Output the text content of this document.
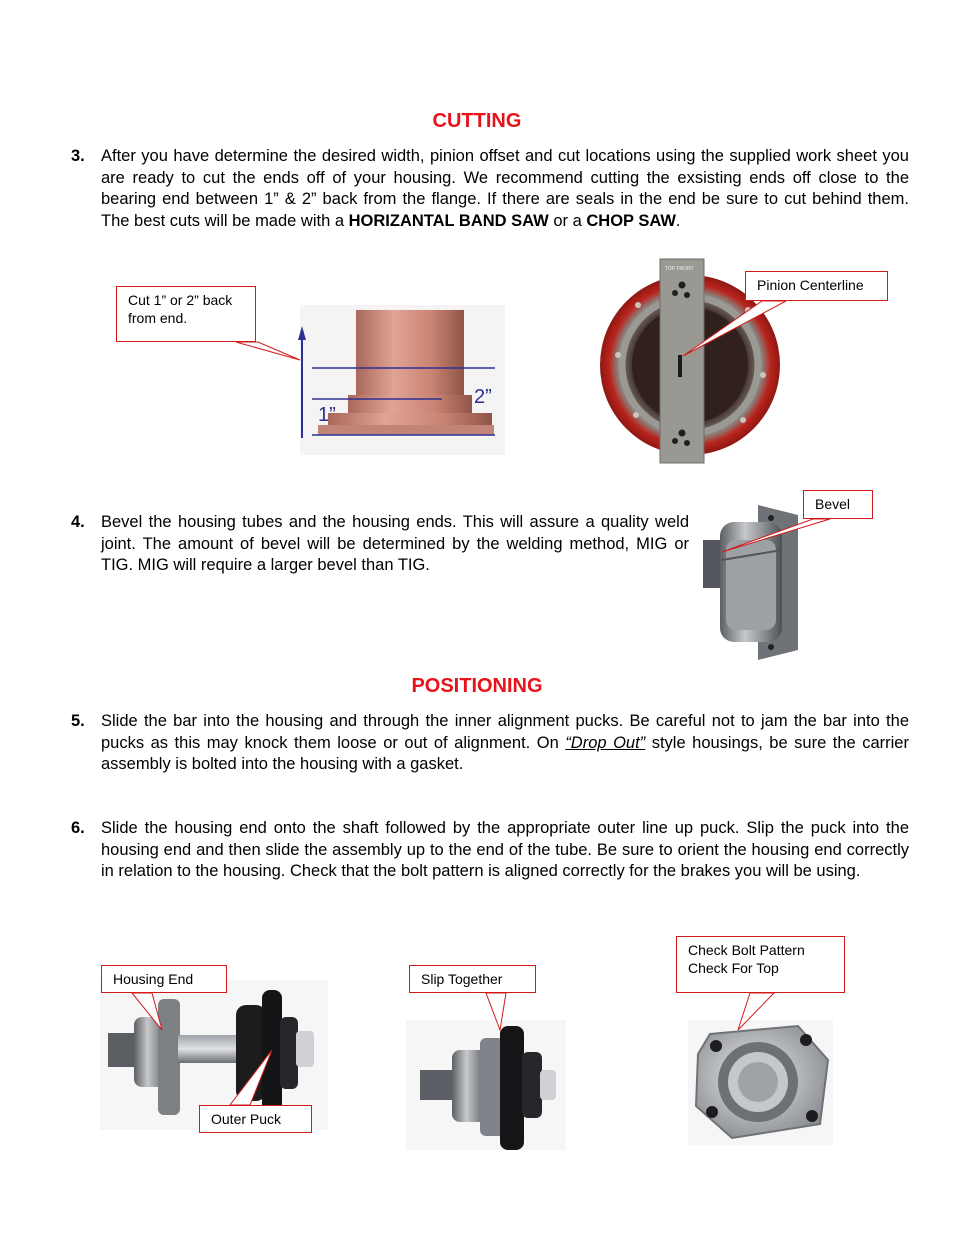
CUTTING
3. After you have determine the desired width, pinion offset and cut locations using the supplied work sheet you are ready to cut the ends off of your housing. We recommend cutting the exsisting ends off close to the bearing end between 1” & 2” back from the flange. If there are seals in the end be sure to cut behind them. The best cuts will be made with a HORIZANTAL BAND SAW or a CHOP SAW.
1”
2”
Cut 1” or 2” back
from end.
TOP FRONT
Pinion Centerline
4. Bevel the housing tubes and the housing ends. This will assure a quality weld joint. The amount of bevel will be determined by the welding method, MIG or TIG. MIG will require a larger bevel than TIG.
Bevel
POSITIONING
5. Slide the bar into the housing and through the inner alignment pucks. Be careful not to jam the bar into the pucks as this may knock them loose or out of alignment. On “Drop Out” style housings, be sure the carrier assembly is bolted into the housing with a gasket.
6. Slide the housing end onto the shaft followed by the appropriate outer line up puck. Slip the puck into the housing end and then slide the assembly up to the end of the tube. Be sure to orient the housing end correctly in relation to the housing. Check that the bolt pattern is aligned correctly for the brakes you will be using.
Housing End
Outer Puck
Slip Together
Check Bolt Pattern
Check For Top
